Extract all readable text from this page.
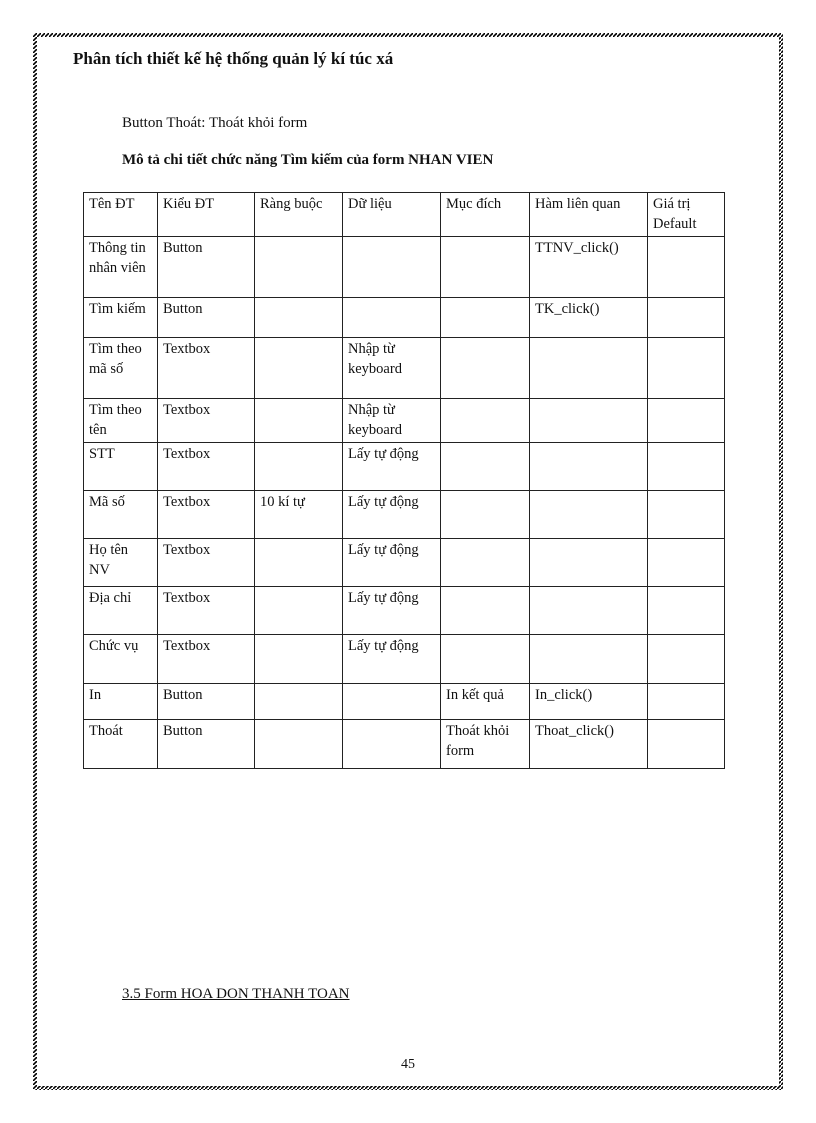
Phân tích thiết kế hệ thống quản lý kí túc xá
Button Thoát: Thoát khỏi form
Mô tả chi tiết chức năng Tìm kiếm của form NHAN VIEN
Tên ĐT	Kiểu ĐT	Ràng buộc	Dữ liệu	Mục đích	Hàm liên quan	Giá trị Default
Thông tin nhân viên	Button				TTNV_click()	
Tìm kiếm	Button				TK_click()	
Tìm theo mã số	Textbox		Nhập từ keyboard			
Tìm theo tên	Textbox		Nhập từ keyboard			
STT	Textbox		Lấy tự động			
Mã số	Textbox	10 kí tự	Lấy tự động			
Họ tên NV	Textbox		Lấy tự động			
Địa chỉ	Textbox		Lấy tự động			
Chức vụ	Textbox		Lấy tự động			
In	Button			In kết quả	In_click()	
Thoát	Button			Thoát khỏi form	Thoat_click()	
3.5 Form HOA DON THANH TOAN
45
